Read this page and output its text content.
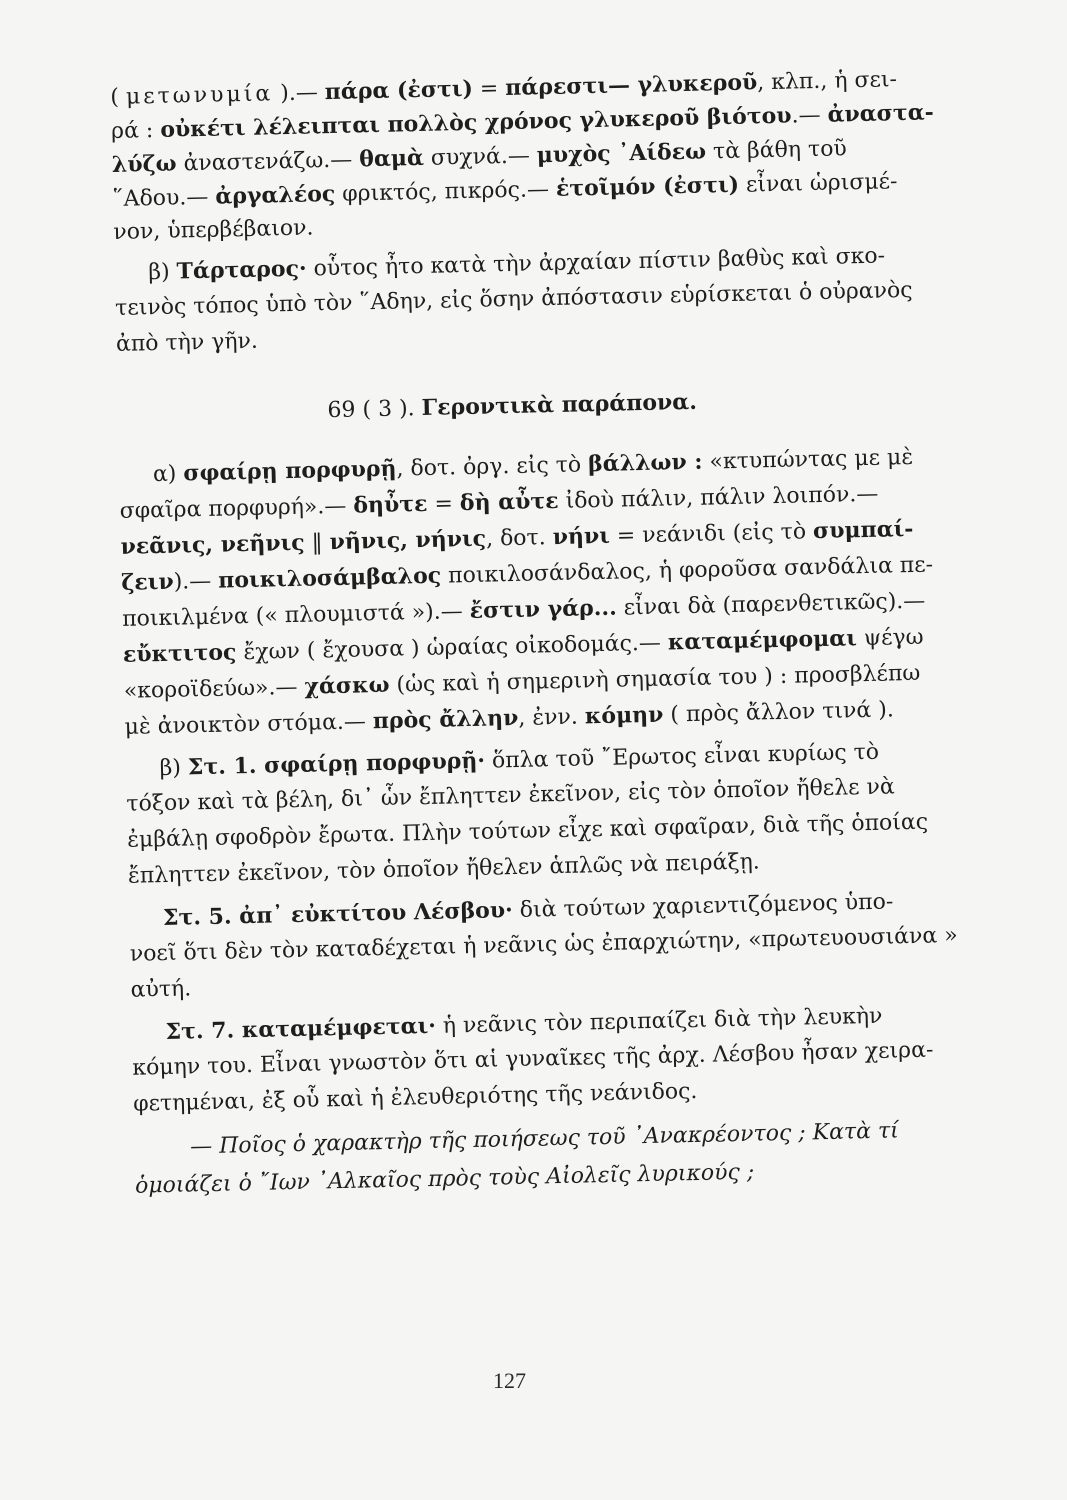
( μετωνυμία ).— πάρα (ἐστι) = πάρεστι— γλυκεροῦ, κλπ., ἡ σει-
ρά : οὐκέτι λέλειπται πολλὸς χρόνος γλυκεροῦ βιότου.— ἀναστα-
λύζω ἀναστενάζω.— θαμὰ συχνά.— μυχὸς ᾿Αίδεω τὰ βάθη τοῦ
῞Αδου.— ἀργαλέος φρικτός, πικρός.— ἑτοῖμόν (ἐστι) εἶναι ὡρισμέ-
νον, ὑπερβέβαιον.
β) Τάρταρος· οὗτος ἦτο κατὰ τὴν ἀρχαίαν πίστιν βαθὺς καὶ σκο-
τεινὸς τόπος ὑπὸ τὸν ῞Αδην, εἰς ὅσην ἀπόστασιν εὑρίσκεται ὁ οὐρανὸς
ἀπὸ τὴν γῆν.
69 ( 3 ). Γεροντικὰ παράπονα.
α) σφαίρῃ πορφυρῇ, δοτ. ὀργ. εἰς τὸ βάλλων : «κτυπώντας με μὲ
σφαῖρα πορφυρή».— δηὖτε = δὴ αὖτε ἰδοὺ πάλιν, πάλιν λοιπόν.—
νεᾶνις, νεῆνις ‖ νῆνις, νήνις, δοτ. νήνι = νεάνιδι (εἰς τὸ συμπαί-
ζειν).— ποικιλοσάμβαλος ποικιλοσάνδαλος, ἡ φοροῦσα σανδάλια πε-
ποικιλμένα (« πλουμιστά »).— ἔστιν γάρ... εἶναι δὰ (παρενθετικῶς).—
εὔκτιτος ἔχων ( ἔχουσα ) ὡραίας οἰκοδομάς.— καταμέμφομαι ψέγω
«κοροϊδεύω».— χάσκω (ὡς καὶ ἡ σημερινὴ σημασία του ) : προσβλέπω
μὲ ἀνοικτὸν στόμα.— πρὸς ἄλλην, ἐνν. κόμην ( πρὸς ἄλλον τινά ).
β) Στ. 1. σφαίρῃ πορφυρῇ· ὅπλα τοῦ ῎Ερωτος εἶναι κυρίως τὸ
τόξον καὶ τὰ βέλη, δι᾽ ὧν ἔπληττεν ἐκεῖνον, εἰς τὸν ὁποῖον ἤθελε νὰ
ἐμβάλῃ σφοδρὸν ἔρωτα. Πλὴν τούτων εἶχε καὶ σφαῖραν, διὰ τῆς ὁποίας
ἔπληττεν ἐκεῖνον, τὸν ὁποῖον ἤθελεν ἁπλῶς νὰ πειράξῃ.
Στ. 5. ἀπ᾽ εὐκτίτου Λέσβου· διὰ τούτων χαριεντιζόμενος ὑπο-
νοεῖ ὅτι δὲν τὸν καταδέχεται ἡ νεᾶνις ὡς ἐπαρχιώτην, «πρωτευουσιάνα »
αὐτή.
Στ. 7. καταμέμφεται· ἡ νεᾶνις τὸν περιπαίζει διὰ τὴν λευκὴν
κόμην του. Εἶναι γνωστὸν ὅτι αἱ γυναῖκες τῆς ἀρχ. Λέσβου ἦσαν χειρα-
φετημέναι, ἐξ οὗ καὶ ἡ ἐλευθεριότης τῆς νεάνιδος.
— Ποῖος ὁ χαρακτὴρ τῆς ποιήσεως τοῦ ᾿Ανακρέοντος ; Κατὰ τί
ὁμοιάζει ὁ ῎Ιων ᾿Αλκαῖος πρὸς τοὺς Αἰολεῖς λυρικούς ;
127
